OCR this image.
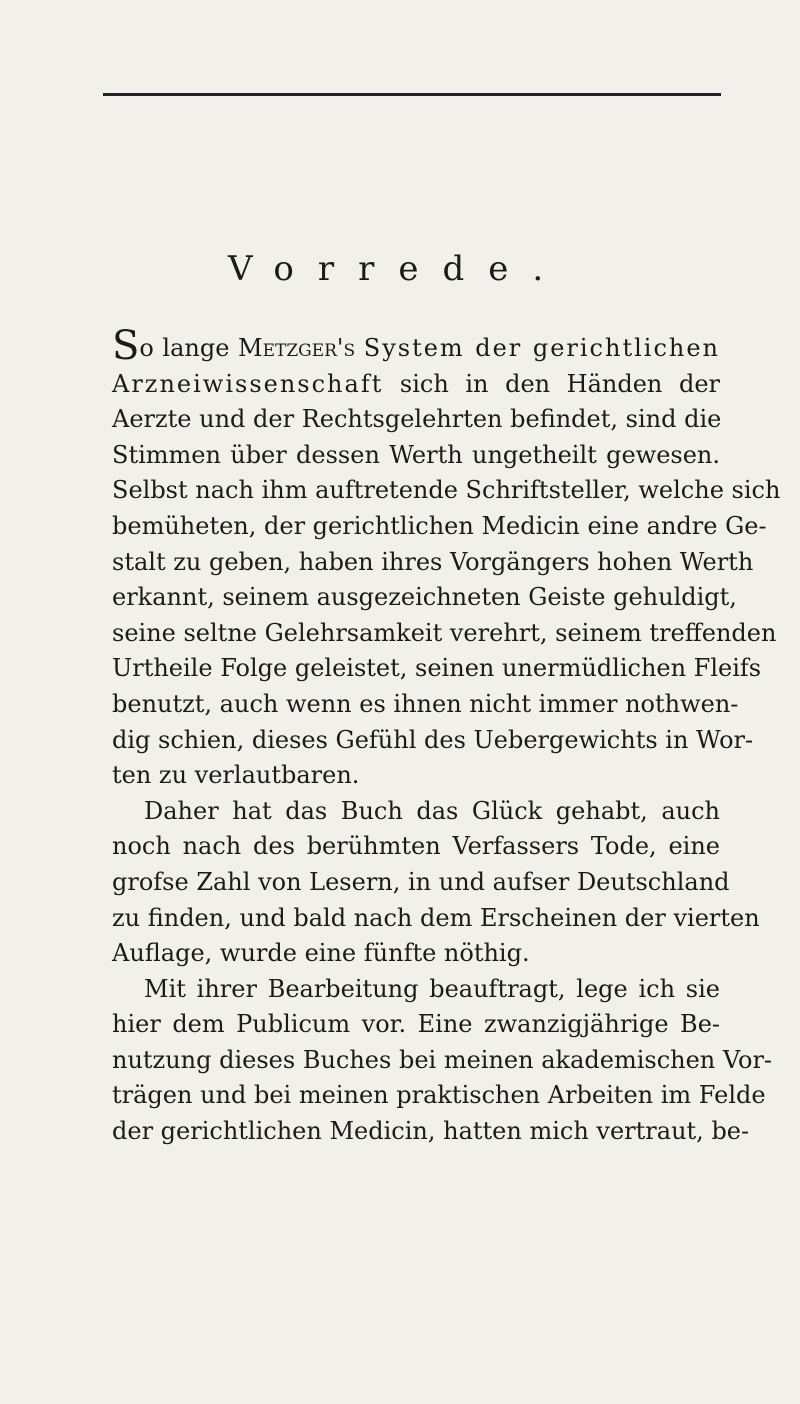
Vorrede.
So lange Metzger's System der gerichtlichen
Arzneiwissenschaft sich in den Händen der
Aerzte und der Rechtsgelehrten befindet, sind die
Stimmen über dessen Werth ungetheilt gewesen.
Selbst nach ihm auftretende Schriftsteller, welche sich
bemüheten, der gerichtlichen Medicin eine andre Ge-
stalt zu geben, haben ihres Vorgängers hohen Werth
erkannt, seinem ausgezeichneten Geiste gehuldigt,
seine seltne Gelehrsamkeit verehrt, seinem treffenden
Urtheile Folge geleistet, seinen unermüdlichen Fleifs
benutzt, auch wenn es ihnen nicht immer nothwen-
dig schien, dieses Gefühl des Uebergewichts in Wor-
ten zu verlautbaren.
Daher hat das Buch das Glück gehabt, auch
noch nach des berühmten Verfassers Tode, eine
grofse Zahl von Lesern, in und aufser Deutschland
zu finden, und bald nach dem Erscheinen der vierten
Auflage, wurde eine fünfte nöthig.
Mit ihrer Bearbeitung beauftragt, lege ich sie
hier dem Publicum vor. Eine zwanzigjährige Be-
nutzung dieses Buches bei meinen akademischen Vor-
trägen und bei meinen praktischen Arbeiten im Felde
der gerichtlichen Medicin, hatten mich vertraut, be-
